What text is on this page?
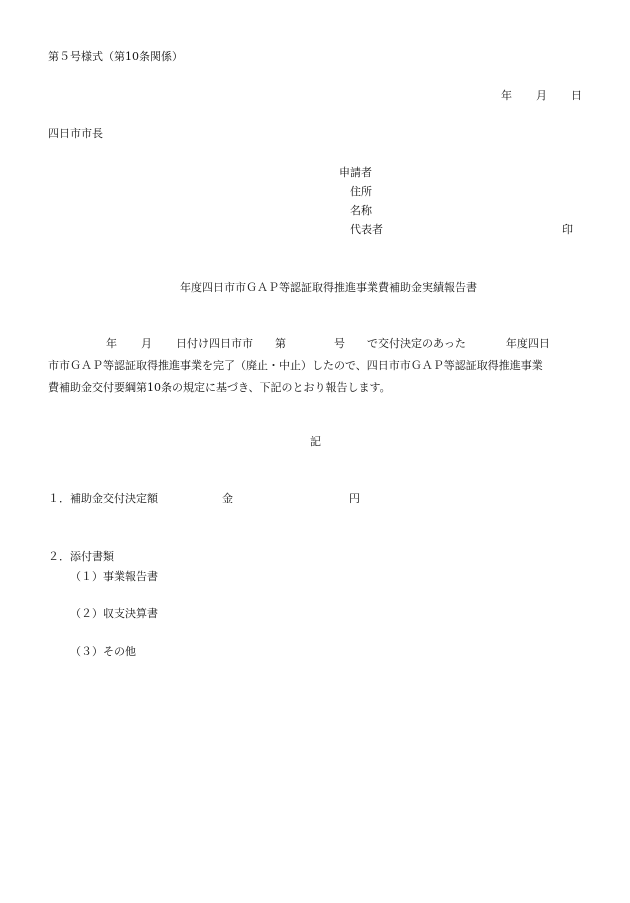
第５号様式（第10条関係）
年 月 日
四日市市長
申請者
住所
名称
代表者	印
年度四日市市ＧＡＰ等認証取得推進事業費補助金実績報告書
年 月 日付け四日市市 第	号 で交付決定のあった	年度四日
市市ＧＡＰ等認証取得推進事業を完了（廃止・中止）したので、四日市市ＧＡＰ等認証取得推進事業
費補助金交付要綱第10条の規定に基づき、下記のとおり報告します。
記
１．補助金交付決定額	金	円
２．添付書類
（１）事業報告書
（２）収支決算書
（３）その他
